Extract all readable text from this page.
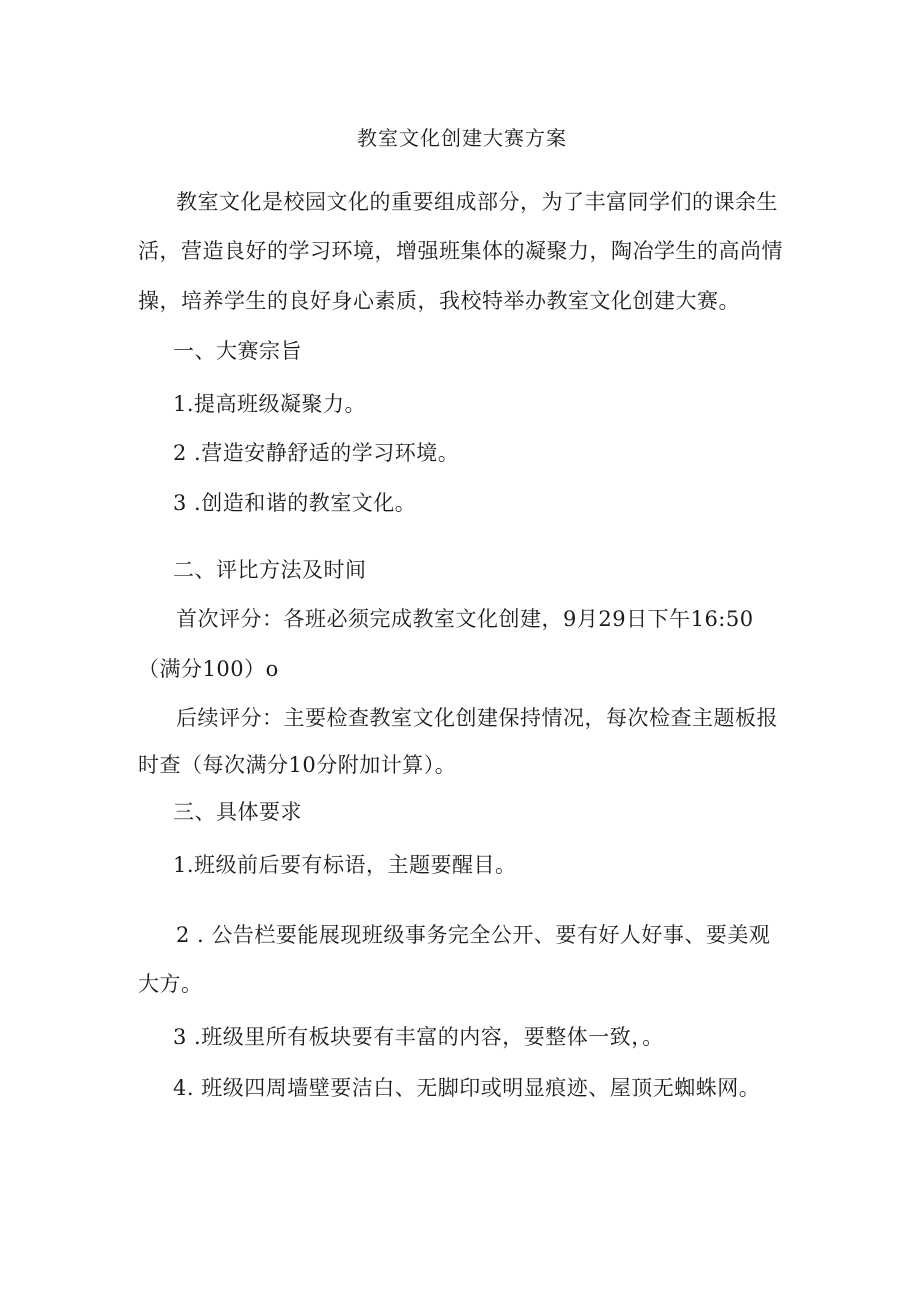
教室文化创建大赛方案
教室文化是校园文化的重要组成部分，为了丰富同学们的课余生
活，营造良好的学习环境，增强班集体的凝聚力，陶冶学生的高尚情
操，培养学生的良好身心素质，我校特举办教室文化创建大赛。
一、大赛宗旨
1.提高班级凝聚力。
2 .营造安静舒适的学习环境。
3 .创造和谐的教室文化。
二、评比方法及时间
首次评分：各班必须完成教室文化创建，9月29日下午16:50
（满分100）o
后续评分：主要检查教室文化创建保持情况，每次检查主题板报
时查（每次满分10分附加计算）。
三、具体要求
1.班级前后要有标语，主题要醒目。
2 . 公告栏要能展现班级事务完全公开、要有好人好事、要美观
大方。
3 .班级里所有板块要有丰富的内容，要整体一致，。
4. 班级四周墙壁要洁白、无脚印或明显痕迹、屋顶无蜘蛛网。
